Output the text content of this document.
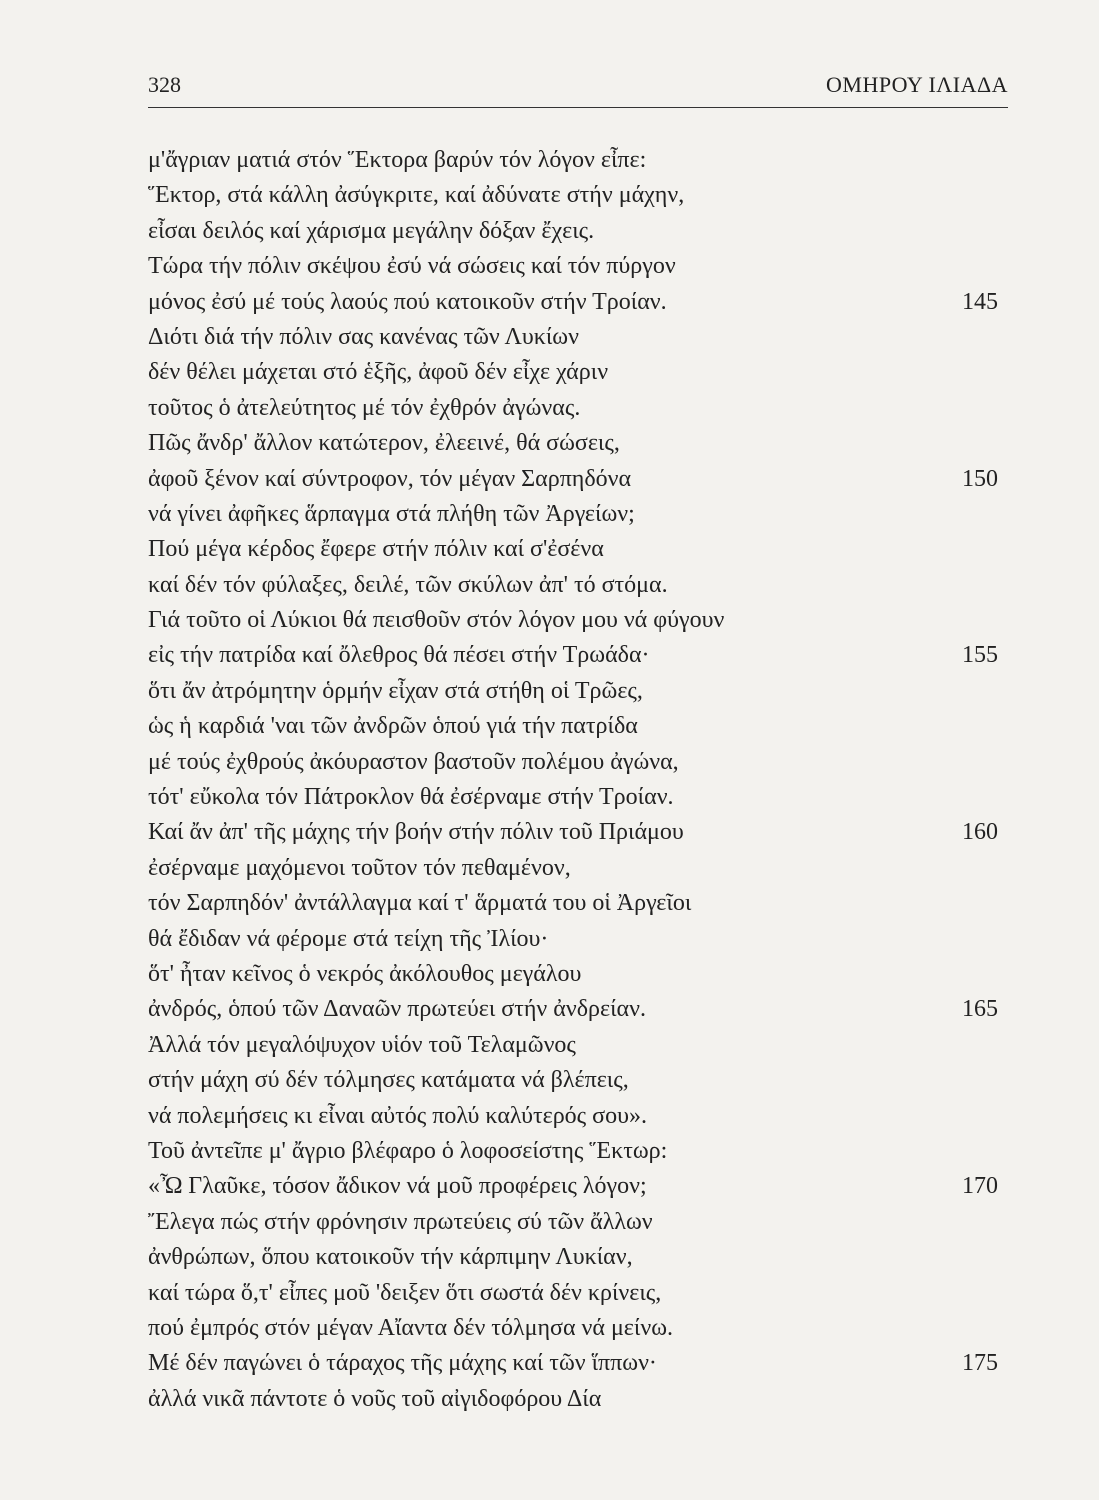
328	ΟΜΗΡΟΥ ΙΛΙΑΔΑ
μ'ἄγριαν ματιά στόν Ἕκτορα βαρύν τόν λόγον εἶπε:
Ἕκτορ, στά κάλλη ἀσύγκριτε, καί ἀδύνατε στήν μάχην,
εἶσαι δειλός καί χάρισμα μεγάλην δόξαν ἔχεις.
Τώρα τήν πόλιν σκέψου ἐσύ νά σώσεις καί τόν πύργον
μόνος ἐσύ μέ τούς λαούς πού κατοικοῦν στήν Τροίαν.	145
Διότι διά τήν πόλιν σας κανένας τῶν Λυκίων
δέν θέλει μάχεται στό ἑξῆς, ἀφοῦ δέν εἶχε χάριν
τοῦτος ὁ ἀτελεύτητος μέ τόν ἐχθρόν ἀγώνας.
Πῶς ἄνδρ' ἄλλον κατώτερον, ἐλεεινέ, θά σώσεις,
ἀφοῦ ξένον καί σύντροφον, τόν μέγαν Σαρπηδόνα	150
νά γίνει ἀφῆκες ἅρπαγμα στά πλήθη τῶν Ἀργείων;
Πού μέγα κέρδος ἔφερε στήν πόλιν καί σ'ἐσένα
καί δέν τόν φύλαξες, δειλέ, τῶν σκύλων ἀπ' τό στόμα.
Γιά τοῦτο οἱ Λύκιοι θά πεισθοῦν στόν λόγον μου νά φύγουν
εἰς τήν πατρίδα καί ὄλεθρος θά πέσει στήν Τρωάδα·	155
ὅτι ἄν ἀτρόμητην ὁρμήν εἶχαν στά στήθη οἱ Τρῶες,
ὡς ἡ καρδιά 'ναι τῶν ἀνδρῶν ὁπού γιά τήν πατρίδα
μέ τούς ἐχθρούς ἀκόυραστον βαστοῦν πολέμου ἀγώνα,
τότ' εὔκολα τόν Πάτροκλον θά ἐσέρναμε στήν Τροίαν.
Καί ἄν ἀπ' τῆς μάχης τήν βοήν στήν πόλιν τοῦ Πριάμου	160
ἐσέρναμε μαχόμενοι τοῦτον τόν πεθαμένον,
τόν Σαρπηδόν' ἀντάλλαγμα καί τ' ἅρματά του οἱ Ἀργεῖοι
θά ἔδιδαν νά φέρομε στά τείχη τῆς Ἰλίου·
ὅτ' ἦταν κεῖνος ὁ νεκρός ἀκόλουθος μεγάλου
ἀνδρός, ὁπού τῶν Δαναῶν πρωτεύει στήν ἀνδρείαν.	165
Ἀλλά τόν μεγαλόψυχον υἱόν τοῦ Τελαμῶνος
στήν μάχη σύ δέν τόλμησες κατάματα νά βλέπεις,
νά πολεμήσεις κι εἶναι αὐτός πολύ καλύτερός σου».
Τοῦ ἀντεῖπε μ' ἄγριο βλέφαρο ὁ λοφοσείστης Ἕκτωρ:
«Ὦ Γλαῦκε, τόσον ἄδικον νά μοῦ προφέρεις λόγον;	170
Ἔλεγα πώς στήν φρόνησιν πρωτεύεις σύ τῶν ἄλλων
ἀνθρώπων, ὅπου κατοικοῦν τήν κάρπιμην Λυκίαν,
καί τώρα ὅ,τ' εἶπες μοῦ 'δειξεν ὅτι σωστά δέν κρίνεις,
πού ἐμπρός στόν μέγαν Αἴαντα δέν τόλμησα νά μείνω.
Μέ δέν παγώνει ὁ τάραχος τῆς μάχης καί τῶν ἵππων·	175
ἀλλά νικᾶ πάντοτε ὁ νοῦς τοῦ αἰγιδοφόρου Δία
